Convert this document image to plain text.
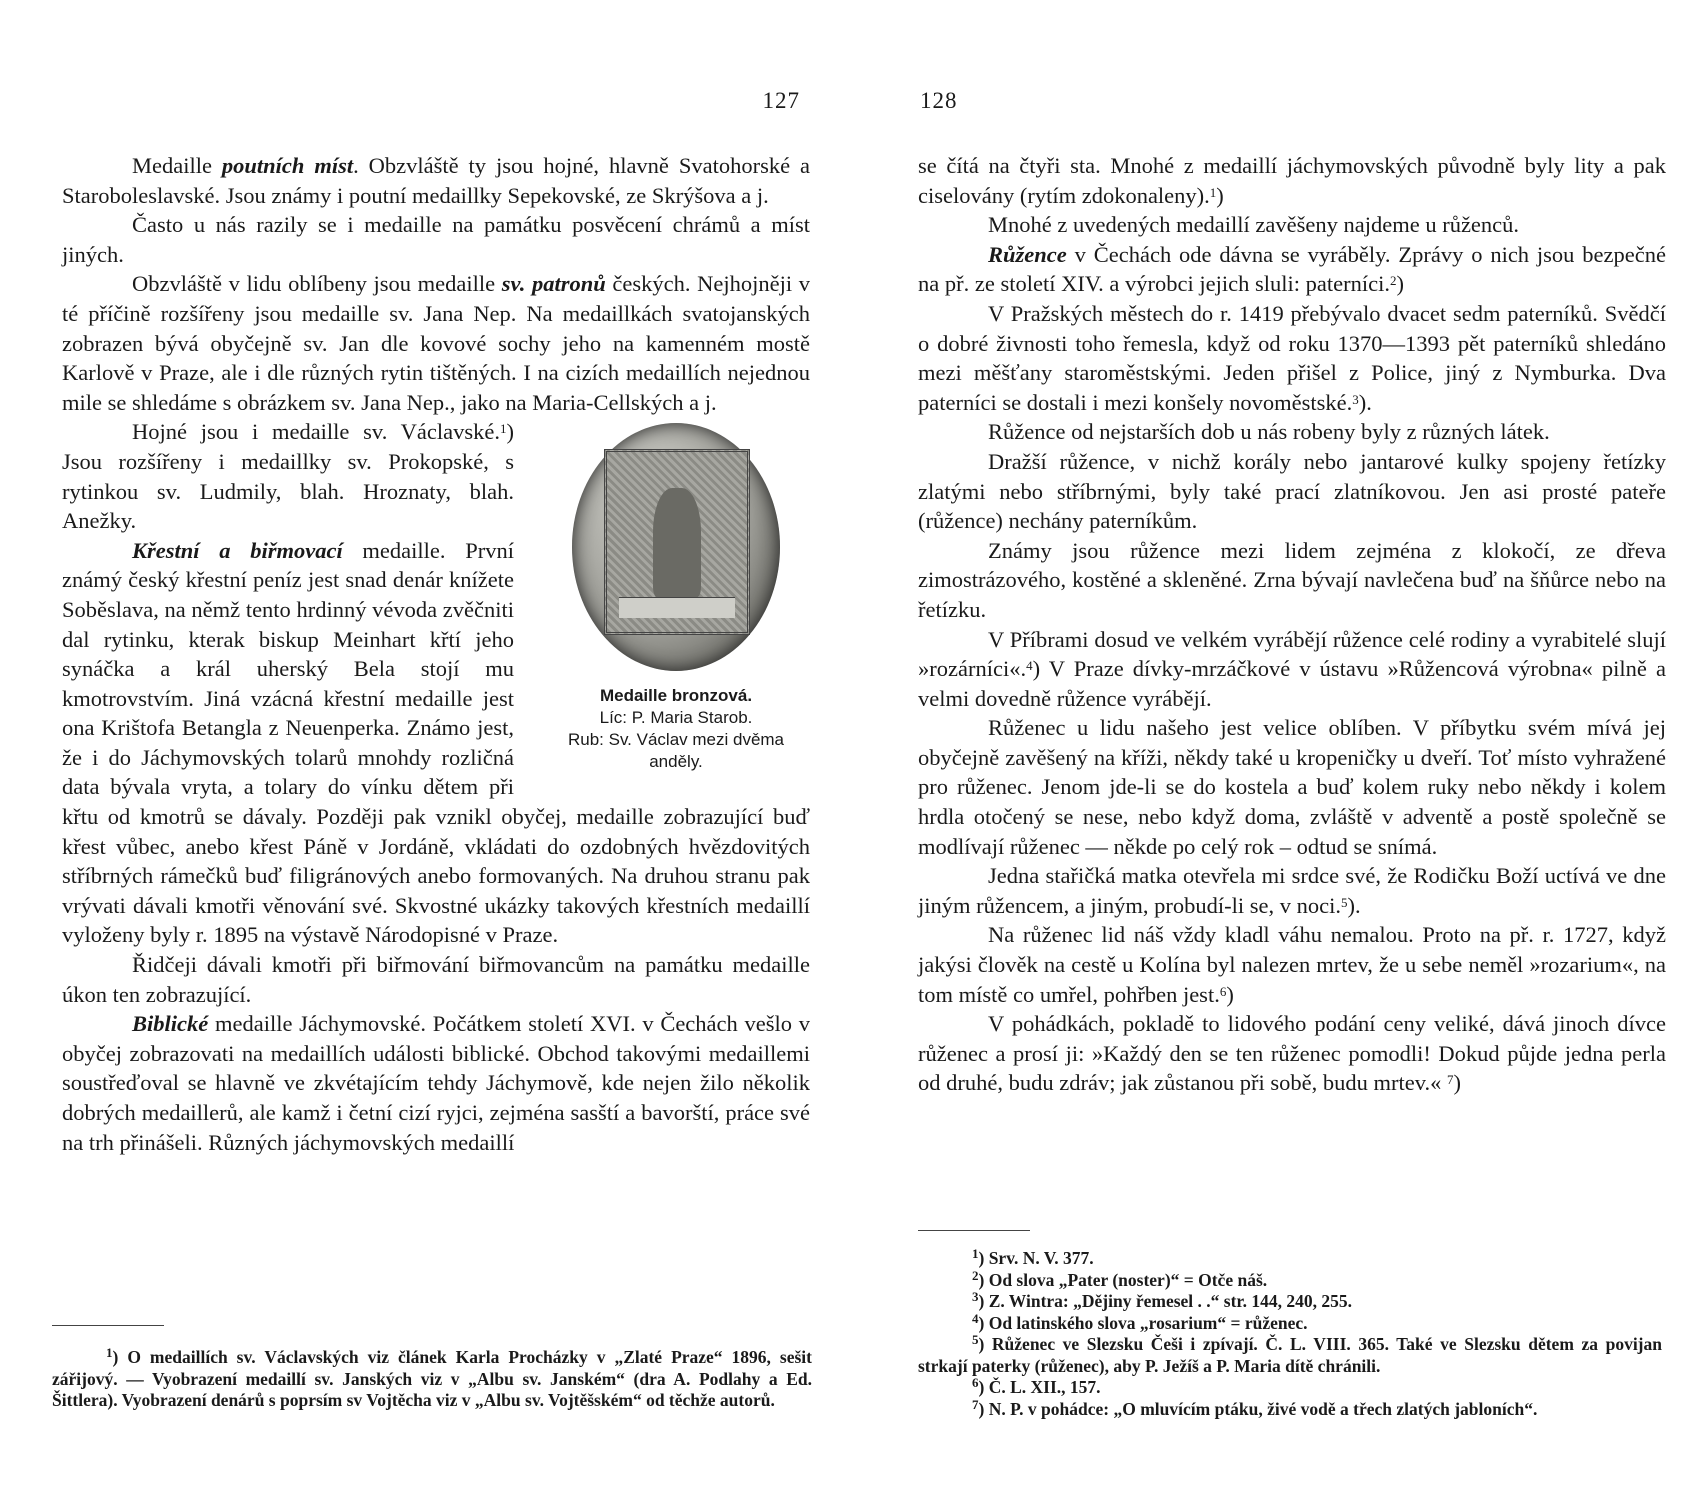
127

Medaille poutních míst. Obzvláště ty jsou hojné, hlavně Svatohorské a Staroboleslavské. Jsou známy i poutní medaillky Sepekovské, ze Skrýšova a j.

Často u nás razily se i medaille na památku posvěcení chrámů a míst jiných.

Obzvláště v lidu oblíbeny jsou medaille sv. patronů českých. Nejhojněji v té příčině rozšířeny jsou medaille sv. Jana Nep. Na medaillkách svatojanských zobrazen bývá obyčejně sv. Jan dle kovové sochy jeho na kamenném mostě Karlově v Praze, ale i dle různých rytin tištěných. I na cizích medaillích nejednou mile se shledáme s obrázkem sv. Jana Nep., jako na Maria-Cellských a j.

Medaille bronzová.
Líc: P. Maria Starob.
Rub: Sv. Václav mezi dvěma anděly.

Hojné jsou i medaille sv. Václavské.$^1$) Jsou rozšířeny i medaillky sv. Prokopské, s rytinkou sv. Ludmily, blah. Hroznaty, blah. Anežky.

Křestní a biřmovací medaille. První známý český křestní peníz jest snad denár knížete Soběslava, na němž tento hrdinný vévoda zvěčniti dal rytinku, kterak biskup Meinhart křtí jeho synáčka a král uherský Bela stojí mu kmotrovstvím. Jiná vzácná křestní medaille jest ona Krištofa Betangla z Neuenperka. Známo jest, že i do Jáchymovských tolarů mnohdy rozličná data bývala vryta, a tolary do vínku dětem při křtu od kmotrů se dávaly. Později pak vznikl obyčej, medaille zobrazující buď křest vůbec, anebo křest Páně v Jordáně, vkládati do ozdobných hvězdovitých stříbrných rámečků buď filigránových anebo formovaných. Na druhou stranu pak vrývati dávali kmotři věnování své. Skvostné ukázky takových křestních medaillí vyloženy byly r. 1895 na výstavě Národopisné v Praze.

Řidčeji dávali kmotři při biřmování biřmovancům na památku medaille úkon ten zobrazující.

Biblické medaille Jáchymovské. Počátkem století XVI. v Čechách vešlo v obyčej zobrazovati na medaillích události biblické. Obchod takovými medaillemi soustřeďoval se hlavně ve zkvétajícím tehdy Jáchymově, kde nejen žilo několik dobrých medaillerů, ale kamž i četní cizí ryjci, zejména sasští a bavorští, práce své na trh přinášeli. Různých jáchymovských medaillí

$^1$) O medaillích sv. Václavských viz článek Karla Procházky v „Zlaté Praze“ 1896, sešit zářijový. — Vyobrazení medaillí sv. Janských viz v „Albu sv. Janském“ (dra A. Podlahy a Ed. Šittlera). Vyobrazení denárů s poprsím sv Vojtěcha viz v „Albu sv. Vojtěšském“ od těchže autorů.

128

se čítá na čtyři sta. Mnohé z medaillí jáchymovských původně byly lity a pak ciselovány (rytím zdokonaleny).$^1$)

Mnohé z uvedených medaillí zavěšeny najdeme u růženců.

Růžence v Čechách ode dávna se vyráběly. Zprávy o nich jsou bezpečné na př. ze století XIV. a výrobci jejich sluli: paterníci.$^2$)

V Pražských městech do r. 1419 přebývalo dvacet sedm paterníků. Svědčí o dobré živnosti toho řemesla, když od roku 1370—1393 pět paterníků shledáno mezi měšťany staroměstskými. Jeden přišel z Police, jiný z Nymburka. Dva paterníci se dostali i mezi konšely novoměstské.$^3$).

Růžence od nejstarších dob u nás robeny byly z různých látek.

Dražší růžence, v nichž korály nebo jantarové kulky spojeny řetízky zlatými nebo stříbrnými, byly také prací zlatníkovou. Jen asi prosté pateře (růžence) nechány paterníkům.

Známy jsou růžence mezi lidem zejména z klokočí, ze dřeva zimostrázového, kostěné a skleněné. Zrna bývají navlečena buď na šňůrce nebo na řetízku.

V Příbrami dosud ve velkém vyrábějí růžence celé rodiny a vyrabitelé slují »rozárníci«.$^4$) V Praze dívky-mrzáčkové v ústavu »Růžencová výrobna« pilně a velmi dovedně růžence vyrábějí.

Růženec u lidu našeho jest velice oblíben. V příbytku svém mívá jej obyčejně zavěšený na kříži, někdy také u kropeničky u dveří. Toť místo vyhražené pro růženec. Jenom jde-li se do kostela a buď kolem ruky nebo někdy i kolem hrdla otočený se nese, nebo když doma, zvláště v adventě a postě společně se modlívají růženec — někde po celý rok – odtud se snímá.

Jedna stařičká matka otevřela mi srdce své, že Rodičku Boží uctívá ve dne jiným růžencem, a jiným, probudí-li se, v noci.$^5$).

Na růženec lid náš vždy kladl váhu nemalou. Proto na př. r. 1727, když jakýsi člověk na cestě u Kolína byl nalezen mrtev, že u sebe neměl »rozarium«, na tom místě co umřel, pohřben jest.$^6$)

V pohádkách, pokladě to lidového podání ceny veliké, dává jinoch dívce růženec a prosí ji: »Každý den se ten růženec pomodli! Dokud půjde jedna perla od druhé, budu zdráv; jak zůstanou při sobě, budu mrtev.« $^7$)

$^1$) Srv. N. V. 377.

$^2$) Od slova „Pater (noster)“ = Otče náš.

$^3$) Z. Wintra: „Dějiny řemesel . .“ str. 144, 240, 255.

$^4$) Od latinského slova „rosarium“ = růženec.

$^5$) Růženec ve Slezsku Češi i zpívají. Č. L. VIII. 365. Také ve Slezsku dětem za povijan strkají paterky (růženec), aby P. Ježíš a P. Maria dítě chránili.

$^6$) Č. L. XII., 157.

$^7$) N. P. v pohádce: „O mluvícím ptáku, živé vodě a třech zlatých jabloních“.
